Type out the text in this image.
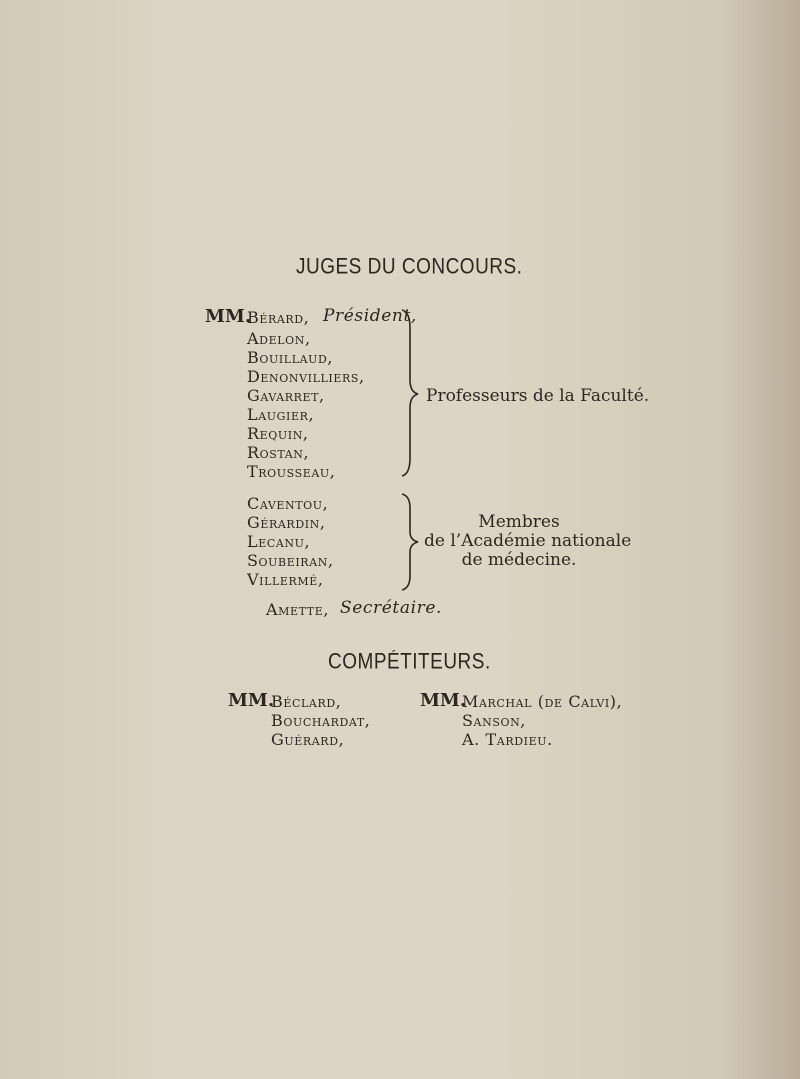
JUGES DU CONCOURS.
MM.
Bérard, Président,
Adelon,
Bouillaud,
Denonvilliers,
Gavarret,
Laugier,
Requin,
Rostan,
Trousseau,
Professeurs de la Faculté.
Caventou,
Gérardin,
Lecanu,
Soubeiran,
Villermé,
Membres
de l’Académie nationale
de médecine.
Amette, Secrétaire.
COMPÉTITEURS.
MM.
Béclard,
Bouchardat,
Guérard,
MM.
Marchal (de Calvi),
Sanson,
A. Tardieu.
